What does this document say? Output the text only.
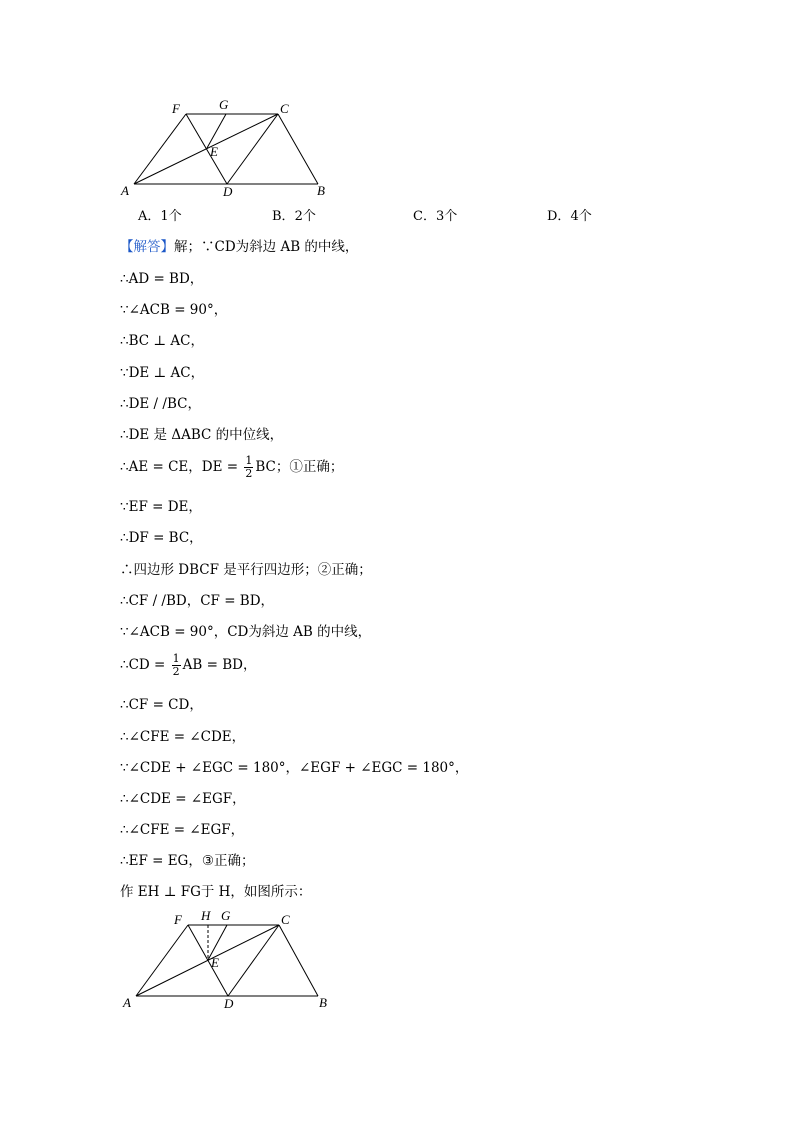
F	G	C
E
A	D	B
F H G	C
E
A	D	B
A．1个	B．2个	C．3个	D．4个
【解答】解；∵CD为斜边 AB 的中线，
∴AD = BD，
∵∠ACB = 90°，
∴BC ⊥ AC，
∵DE ⊥ AC，
∴DE / /BC，
∴DE 是 ΔABC 的中位线，
∴AE = CE，DE = $\frac{1}{2}$ BC；①正确；
∵EF = DE，
∴DF = BC，
∴四边形 DBCF 是平行四边形；②正确；
∴CF / /BD，CF = BD，
∵∠ACB = 90°，CD为斜边 AB 的中线，
∴CD = $\frac{1}{2}$ AB = BD，
∴CF = CD，
∴∠CFE = ∠CDE，
∵∠CDE + ∠EGC = 180°，∠EGF + ∠EGC = 180°，
∴∠CDE = ∠EGF，
∴∠CFE = ∠EGF，
∴EF = EG，③正确；
作 EH ⊥ FG于 H，如图所示：
